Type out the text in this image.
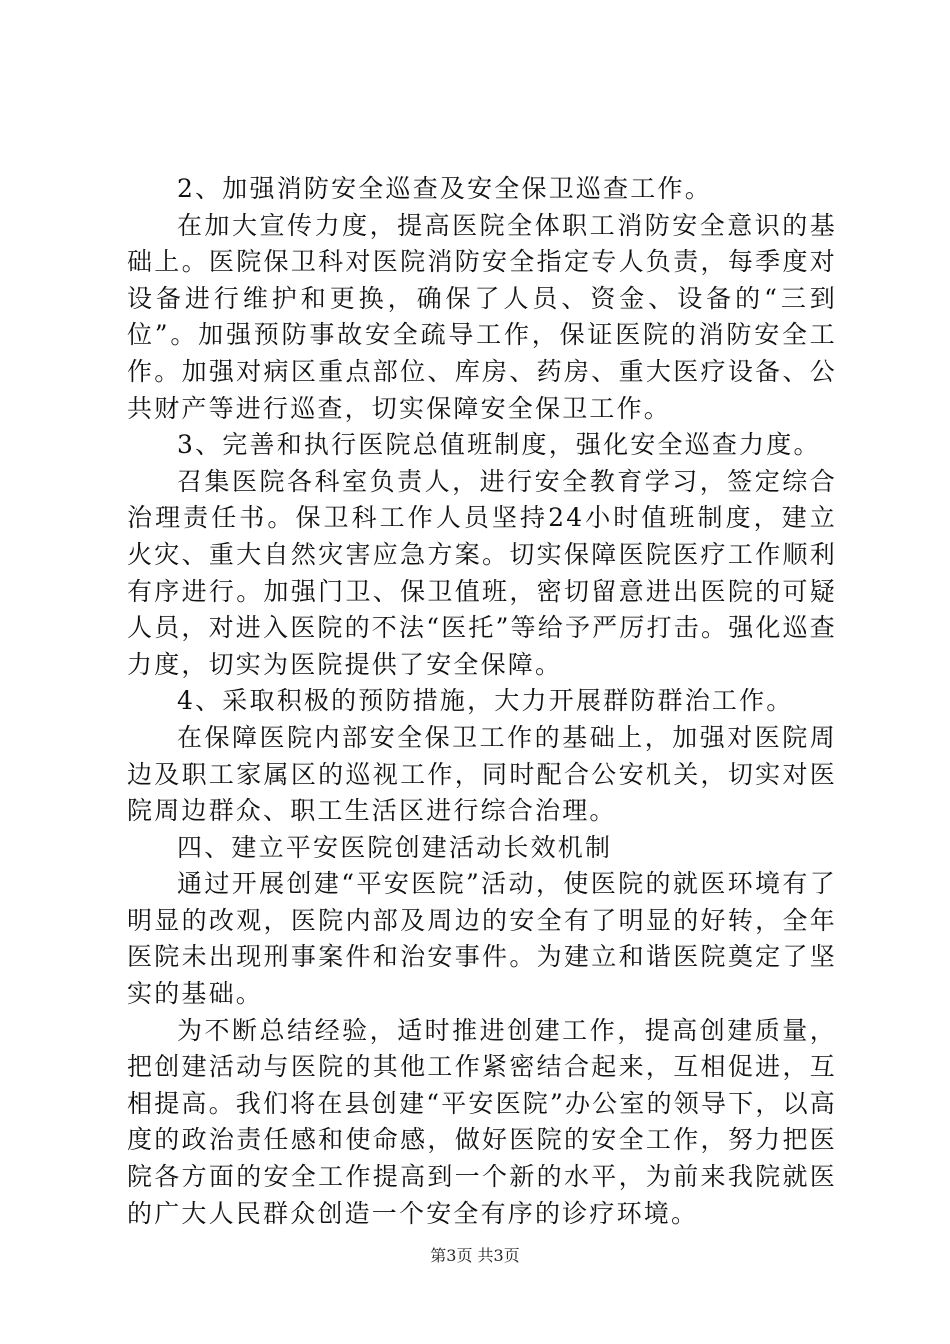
2、加强消防安全巡查及安全保卫巡查工作。

在加大宣传力度，提高医院全体职工消防安全意识的基础上。医院保卫科对医院消防安全指定专人负责，每季度对设备进行维护和更换，确保了人员、资金、设备的“三到位”。加强预防事故安全疏导工作，保证医院的消防安全工作。加强对病区重点部位、库房、药房、重大医疗设备、公共财产等进行巡查，切实保障安全保卫工作。

3、完善和执行医院总值班制度，强化安全巡查力度。

召集医院各科室负责人，进行安全教育学习，签定综合治理责任书。保卫科工作人员坚持24小时值班制度，建立火灾、重大自然灾害应急方案。切实保障医院医疗工作顺利有序进行。加强门卫、保卫值班，密切留意进出医院的可疑人员，对进入医院的不法“医托”等给予严厉打击。强化巡查力度，切实为医院提供了安全保障。

4、采取积极的预防措施，大力开展群防群治工作。

在保障医院内部安全保卫工作的基础上，加强对医院周边及职工家属区的巡视工作，同时配合公安机关，切实对医院周边群众、职工生活区进行综合治理。

四、建立平安医院创建活动长效机制

通过开展创建“平安医院”活动，使医院的就医环境有了明显的改观，医院内部及周边的安全有了明显的好转，全年医院未出现刑事案件和治安事件。为建立和谐医院奠定了坚实的基础。

为不断总结经验，适时推进创建工作，提高创建质量，把创建活动与医院的其他工作紧密结合起来，互相促进，互相提高。我们将在县创建“平安医院”办公室的领导下，以高度的政治责任感和使命感，做好医院的安全工作，努力把医院各方面的安全工作提高到一个新的水平，为前来我院就医的广大人民群众创造一个安全有序的诊疗环境。

第3页 共3页
